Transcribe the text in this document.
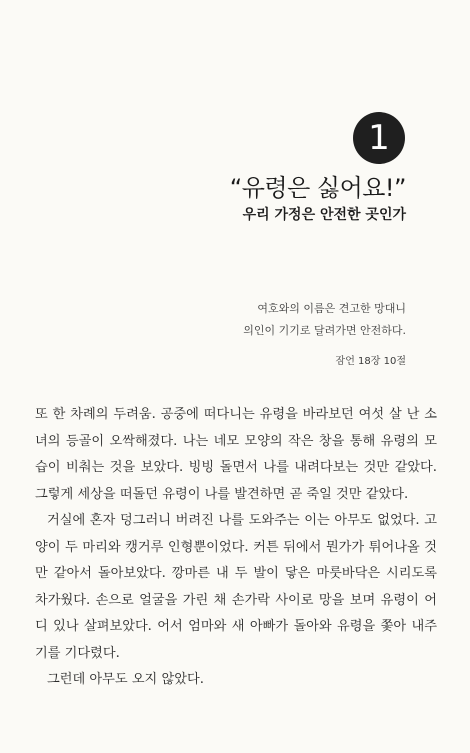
1
“유령은 싫어요!”
우리 가정은 안전한 곳인가
여호와의 이름은 견고한 망대니
의인이 기기로 달려가면 안전하다.
잠언 18장 10절

또 한 차례의 두려움. 공중에 떠다니는 유령을 바라보던 여섯 살 난 소녀의 등골이 오싹해졌다. 나는 네모 모양의 작은 창을 통해 유령의 모습이 비춰는 것을 보았다. 빙빙 돌면서 나를 내려다보는 것만 같았다. 그렇게 세상을 떠돌던 유령이 나를 발견하면 곧 죽일 것만 같았다.

거실에 혼자 덩그러니 버려진 나를 도와주는 이는 아무도 없었다. 고양이 두 마리와 캥거루 인형뿐이었다. 커튼 뒤에서 뭔가가 튀어나올 것만 같아서 돌아보았다. 깡마른 내 두 발이 닿은 마룻바닥은 시리도록 차가웠다. 손으로 얼굴을 가린 채 손가락 사이로 망을 보며 유령이 어디 있나 살펴보았다. 어서 엄마와 새 아빠가 돌아와 유령을 쫓아 내주기를 기다렸다.

그런데 아무도 오지 않았다.
